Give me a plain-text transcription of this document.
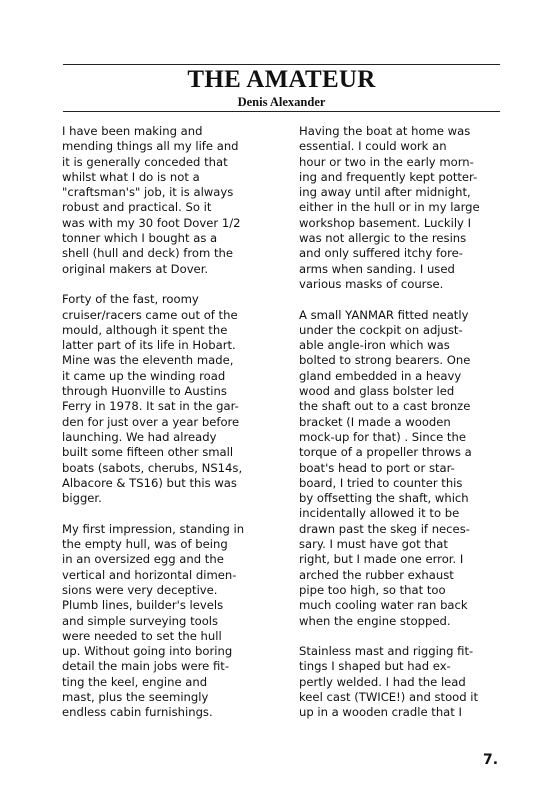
THE AMATEUR
Denis Alexander

I have been making and
mending things all my life and
it is generally conceded that
whilst what I do is not a
"craftsman's" job, it is always
robust and practical. So it
was with my 30 foot Dover 1/2
tonner which I bought as a
shell (hull and deck) from the
original makers at Dover.

Forty of the fast, roomy
cruiser/racers came out of the
mould, although it spent the
latter part of its life in Hobart.
Mine was the eleventh made,
it came up the winding road
through Huonville to Austins
Ferry in 1978. It sat in the gar-
den for just over a year before
launching. We had already
built some fifteen other small
boats (sabots, cherubs, NS14s,
Albacore & TS16) but this was
bigger.

My first impression, standing in
the empty hull, was of being
in an oversized egg and the
vertical and horizontal dimen-
sions were very deceptive.
Plumb lines, builder's levels
and simple surveying tools
were needed to set the hull
up. Without going into boring
detail the main jobs were fit-
ting the keel, engine and
mast, plus the seemingly
endless cabin furnishings.

Having the boat at home was
essential. I could work an
hour or two in the early morn-
ing and frequently kept potter-
ing away until after midnight,
either in the hull or in my large
workshop basement. Luckily I
was not allergic to the resins
and only suffered itchy fore-
arms when sanding. I used
various masks of course.

A small YANMAR fitted neatly
under the cockpit on adjust-
able angle-iron which was
bolted to strong bearers. One
gland embedded in a heavy
wood and glass bolster led
the shaft out to a cast bronze
bracket (I made a wooden
mock-up for that) . Since the
torque of a propeller throws a
boat's head to port or star-
board, I tried to counter this
by offsetting the shaft, which
incidentally allowed it to be
drawn past the skeg if neces-
sary. I must have got that
right, but I made one error. I
arched the rubber exhaust
pipe too high, so that too
much cooling water ran back
when the engine stopped.

Stainless mast and rigging fit-
tings I shaped but had ex-
pertly welded. I had the lead
keel cast (TWICE!) and stood it
up in a wooden cradle that I

7.
